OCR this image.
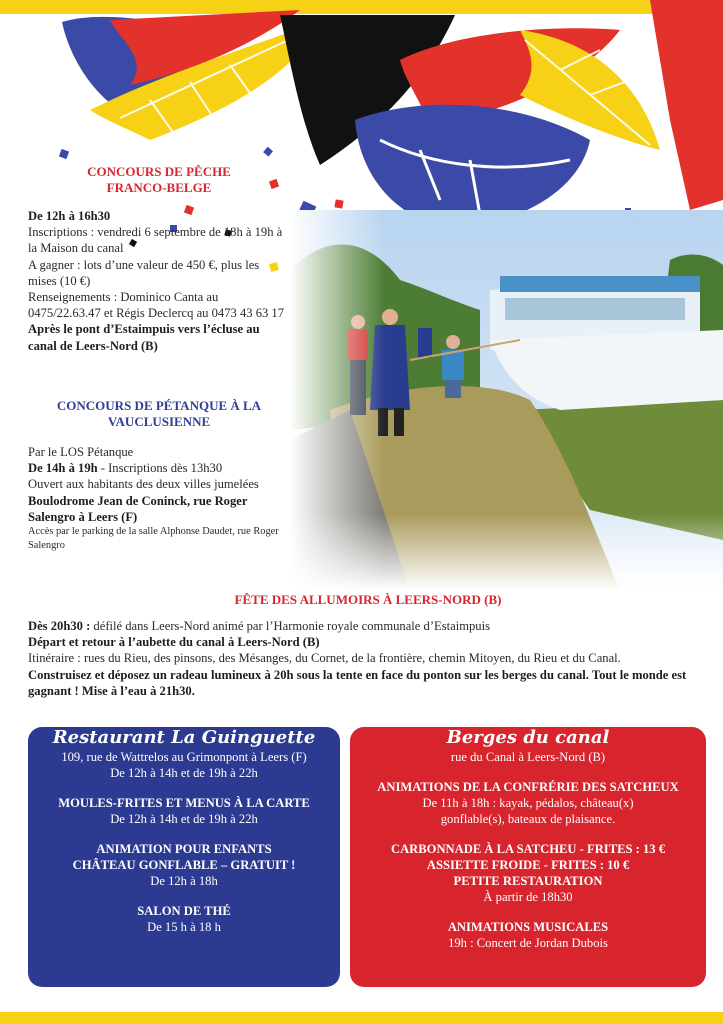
CONCOURS DE PÊCHE
FRANCO-BELGE

De 12h à 16h30

Inscriptions : vendredi 6 septembre de 18h à 19h à la Maison du canal

A gagner : lots d’une valeur de 450 €, plus les mises (10 €)

Renseignements : Dominico Canta au 0475/22.63.47 et Régis Declercq au 0473 43 63 17

Après le pont d’Estaimpuis vers l’écluse au canal de Leers-Nord (B)

CONCOURS DE PÉTANQUE À LA VAUCLUSIENNE

Par le LOS Pétanque

De 14h à 19h - Inscriptions dès 13h30

Ouvert aux habitants des deux villes jumelées

Boulodrome Jean de Coninck, rue Roger Salengro à Leers (F)

Accès par le parking de la salle Alphonse Daudet, rue Roger Salengro

FÊTE DES ALLUMOIRS À LEERS-NORD (B)

Dès 20h30 : défilé dans Leers-Nord animé par l’Harmonie royale communale d’Estaimpuis

Départ et retour à l’aubette du canal à Leers-Nord (B)

Itinéraire : rues du Rieu, des pinsons, des Mésanges, du Cornet, de la frontière, chemin Mitoyen, du Rieu et du Canal.

Construisez et déposez un radeau lumineux à 20h sous la tente en face du ponton sur les berges du canal. Tout le monde est gagnant ! Mise à l’eau à 21h30.

Restaurant La Guinguette

109, rue de Wattrelos au Grimonpont à Leers (F)

De 12h à 14h et de 19h à 22h

MOULES-FRITES ET MENUS À LA CARTE

De 12h à 14h et de 19h à 22h

ANIMATION POUR ENFANTS
CHÂTEAU GONFLABLE – GRATUIT !

De 12h à 18h

SALON DE THÉ

De 15 h à 18 h

Berges du canal

rue du Canal à Leers-Nord (B)

ANIMATIONS DE LA CONFRÉRIE DES SATCHEUX

De 11h à 18h : kayak, pédalos, château(x) gonflable(s), bateaux de plaisance.

CARBONNADE À LA SATCHEU - FRITES : 13 €

ASSIETTE FROIDE - FRITES : 10 €

PETITE RESTAURATION

À partir de 18h30

ANIMATIONS MUSICALES

19h : Concert de Jordan Dubois
